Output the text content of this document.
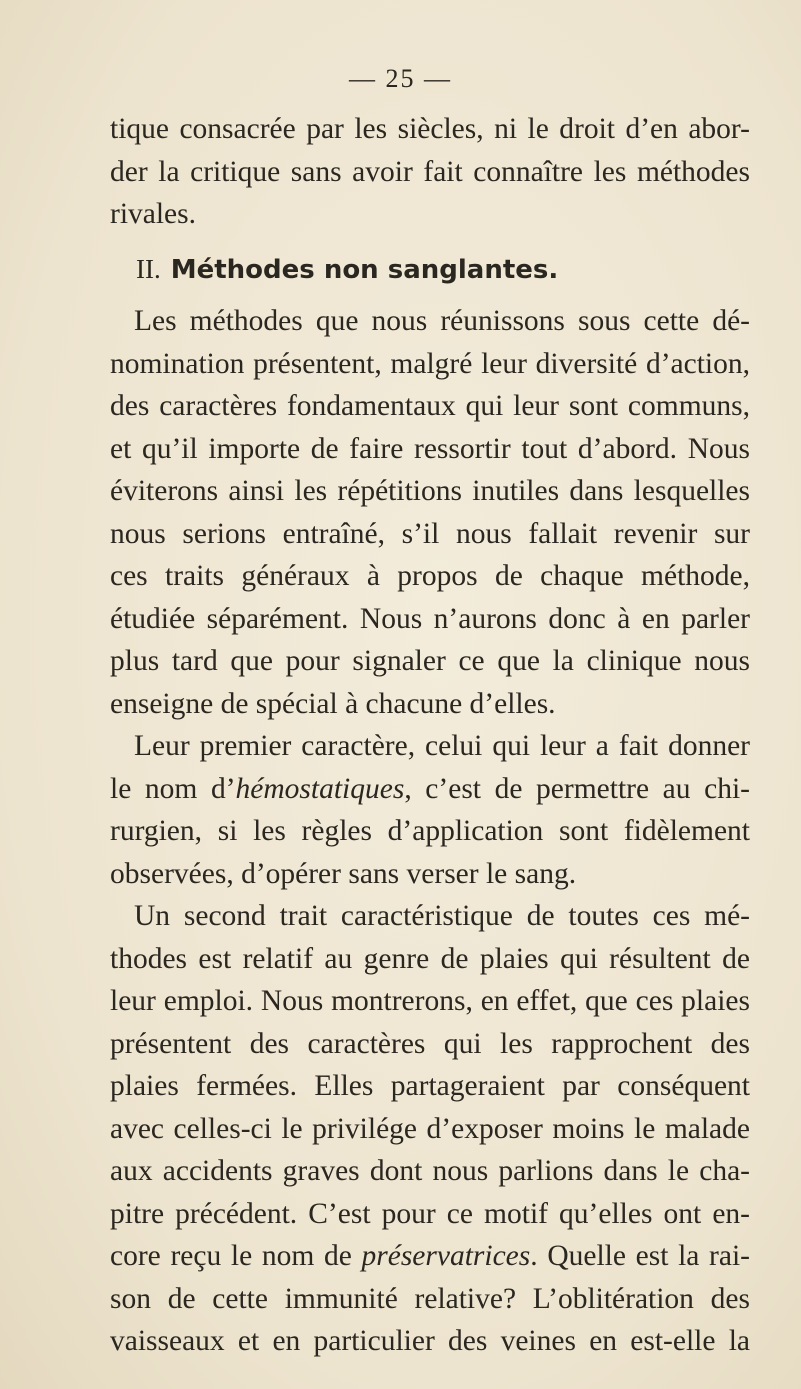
— 25 —
tique consacrée par les siècles, ni le droit d’en abor-
der la critique sans avoir fait connaître les méthodes
rivales.
II. Méthodes non sanglantes.
Les méthodes que nous réunissons sous cette dé-
nomination présentent, malgré leur diversité d’action,
des caractères fondamentaux qui leur sont communs,
et qu’il importe de faire ressortir tout d’abord. Nous
éviterons ainsi les répétitions inutiles dans lesquelles
nous serions entraîné, s’il nous fallait revenir sur
ces traits généraux à propos de chaque méthode,
étudiée séparément. Nous n’aurons donc à en parler
plus tard que pour signaler ce que la clinique nous
enseigne de spécial à chacune d’elles.
Leur premier caractère, celui qui leur a fait donner
le nom d’hémostatiques, c’est de permettre au chi-
rurgien, si les règles d’application sont fidèlement
observées, d’opérer sans verser le sang.
Un second trait caractéristique de toutes ces mé-
thodes est relatif au genre de plaies qui résultent de
leur emploi. Nous montrerons, en effet, que ces plaies
présentent des caractères qui les rapprochent des
plaies fermées. Elles partageraient par conséquent
avec celles-ci le privilége d’exposer moins le malade
aux accidents graves dont nous parlions dans le cha-
pitre précédent. C’est pour ce motif qu’elles ont en-
core reçu le nom de préservatrices. Quelle est la rai-
son de cette immunité relative? L’oblitération des
vaisseaux et en particulier des veines en est-elle la
